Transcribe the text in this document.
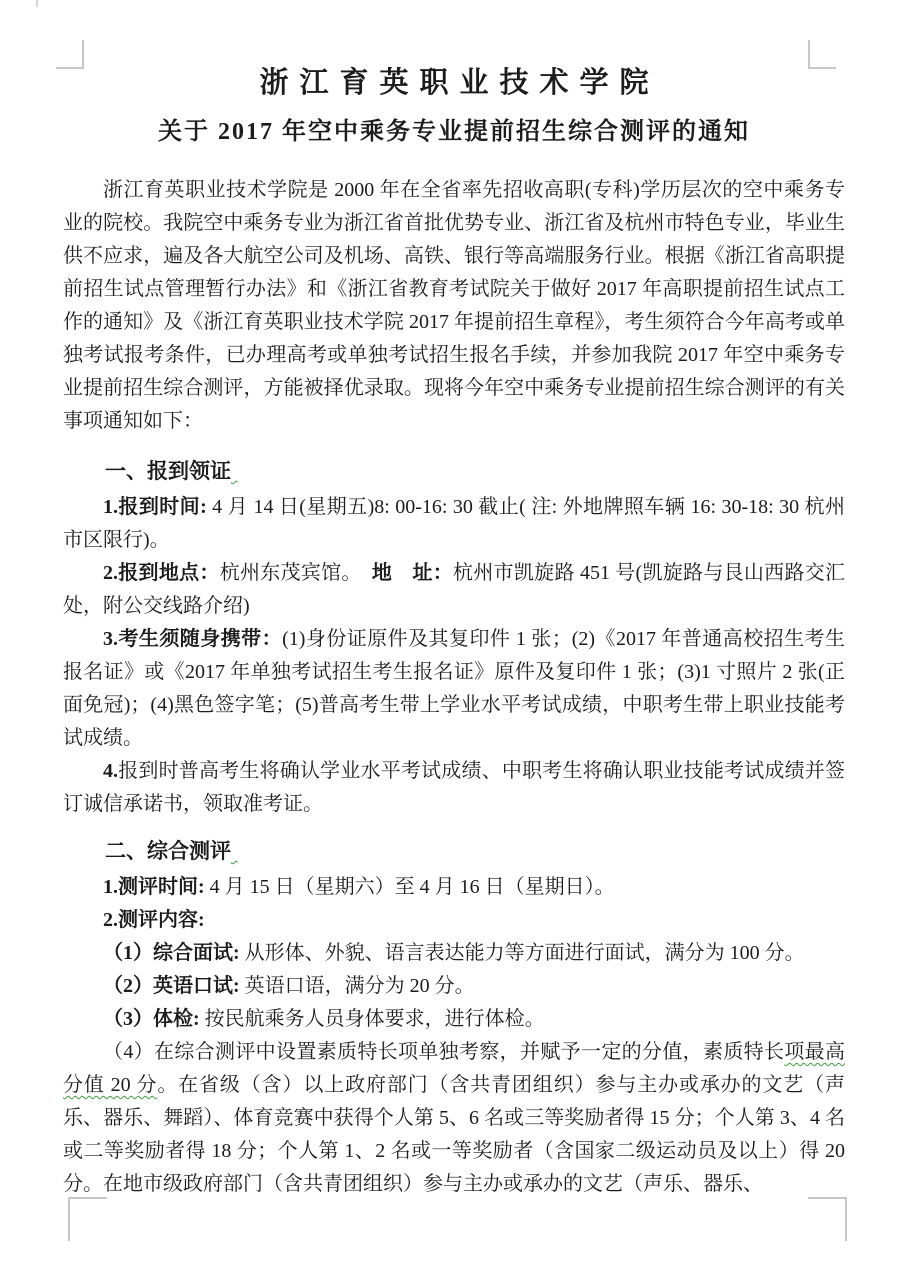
浙江育英职业技术学院
关于 2017 年空中乘务专业提前招生综合测评的通知

浙江育英职业技术学院是 2000 年在全省率先招收高职(专科)学历层次的空中乘务专业的院校。我院空中乘务专业为浙江省首批优势专业、浙江省及杭州市特色专业，毕业生供不应求，遍及各大航空公司及机场、高铁、银行等高端服务行业。根据《浙江省高职提前招生试点管理暂行办法》和《浙江省教育考试院关于做好 2017 年高职提前招生试点工作的通知》及《浙江育英职业技术学院 2017 年提前招生章程》，考生须符合今年高考或单独考试报考条件，已办理高考或单独考试招生报名手续，并参加我院 2017 年空中乘务专业提前招生综合测评，方能被择优录取。现将今年空中乘务专业提前招生综合测评的有关事项通知如下：

一、报到领证

1.报到时间: 4 月 14 日(星期五)8: 00-16: 30 截止( 注: 外地牌照车辆 16: 30-18: 30 杭州市区限行)。

2.报到地点：杭州东茂宾馆。　地　址：杭州市凯旋路 451 号(凯旋路与艮山西路交汇处，附公交线路介绍)

3.考生须随身携带：(1)身份证原件及其复印件 1 张；(2)《2017 年普通高校招生考生报名证》或《2017 年单独考试招生考生报名证》原件及复印件 1 张；(3)1 寸照片 2 张(正面免冠)；(4)黑色签字笔；(5)普高考生带上学业水平考试成绩，中职考生带上职业技能考试成绩。

4.报到时普高考生将确认学业水平考试成绩、中职考生将确认职业技能考试成绩并签订诚信承诺书，领取准考证。

二、综合测评

1.测评时间: 4 月 15 日（星期六）至 4 月 16 日（星期日）。

2.测评内容:

（1）综合面试: 从形体、外貌、语言表达能力等方面进行面试，满分为 100 分。

（2）英语口试: 英语口语，满分为 20 分。

（3）体检: 按民航乘务人员身体要求，进行体检。

（4）在综合测评中设置素质特长项单独考察，并赋予一定的分值，素质特长项最高分值 20 分。在省级（含）以上政府部门（含共青团组织）参与主办或承办的文艺（声乐、器乐、舞蹈）、体育竞赛中获得个人第 5、6 名或三等奖励者得 15 分；个人第 3、4 名或二等奖励者得 18 分；个人第 1、2 名或一等奖励者（含国家二级运动员及以上）得 20 分。在地市级政府部门（含共青团组织）参与主办或承办的文艺（声乐、器乐、
